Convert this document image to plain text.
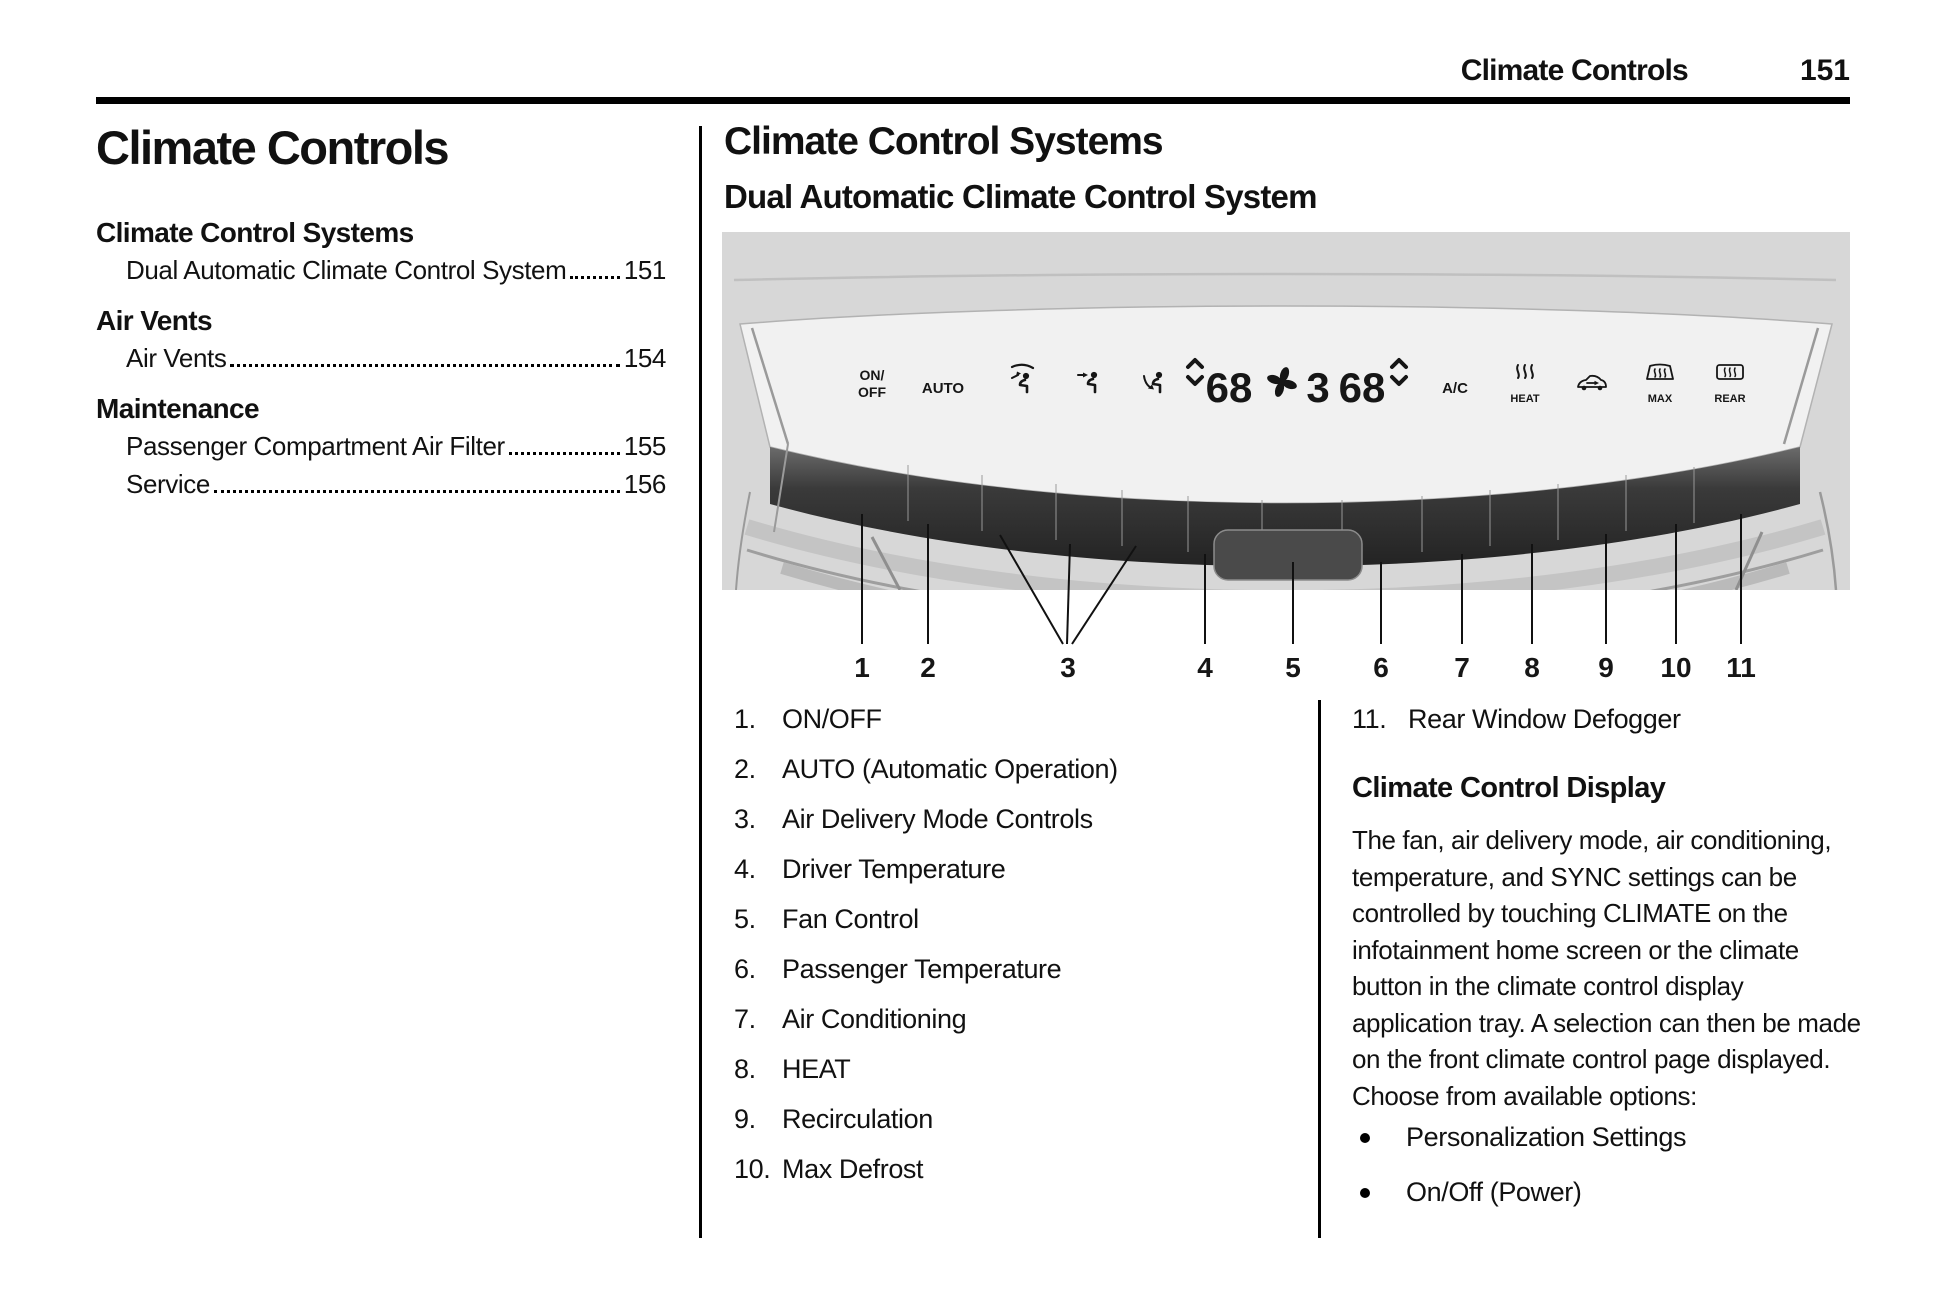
Climate Controls	151
Climate Controls
Climate Control Systems
Dual Automatic Climate Control System 151
Air Vents
Air Vents	154
Maintenance
Passenger Compartment Air Filter	155
Service	156
Climate Control Systems
Dual Automatic Climate Control System
ON/
OFF AUTO	68 3 68	A/C
HEAT	MAX	REAR
1 2	3	4	5	6 7 8 9 10 11
1. ON/OFF
2. AUTO (Automatic Operation)
3. Air Delivery Mode Controls
4. Driver Temperature
5. Fan Control
6. Passenger Temperature
7. Air Conditioning
8. HEAT
9. Recirculation
10. Max Defrost
11. Rear Window Defogger
Climate Control Display
The fan, air delivery mode, air conditioning, temperature, and SYNC settings can be controlled by touching CLIMATE on the infotainment home screen or the climate button in the climate control display application tray. A selection can then be made on the front climate control page displayed. Choose from available options:
Personalization Settings
On/Off (Power)
